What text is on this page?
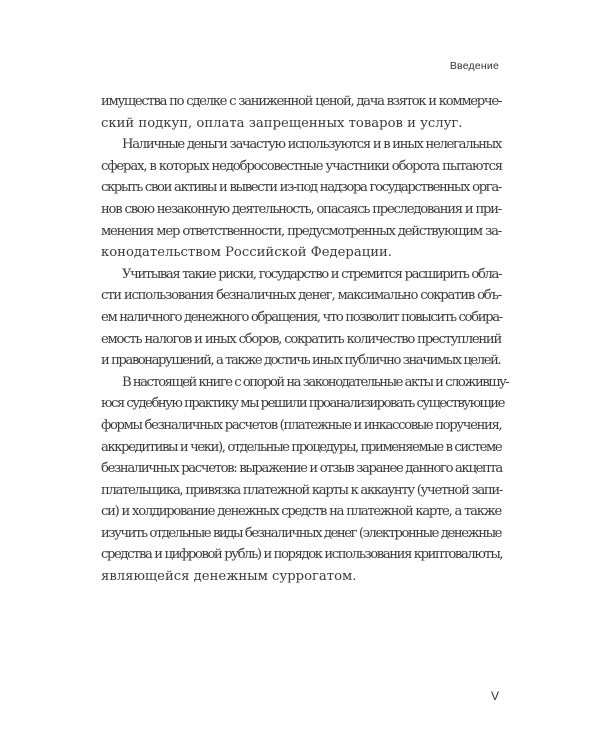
Введение
имущества по сделке с заниженной ценой, дача взяток и коммерче-
ский подкуп, оплата запрещенных товаров и услуг.
Наличные деньги зачастую используются и в иных нелегальных
сферах, в которых недобросовестные участники оборота пытаются
скрыть свои активы и вывести из-под надзора государственных орга-
нов свою незаконную деятельность, опасаясь преследования и при-
менения мер ответственности, предусмотренных действующим за-
конодательством Российской Федерации.
Учитывая такие риски, государство и стремится расширить обла-
сти использования безналичных денег, максимально сократив объ-
ем наличного денежного обращения, что позволит повысить собира-
емость налогов и иных сборов, сократить количество преступлений
и правонарушений, а также достичь иных публично значимых целей.
В настоящей книге с опорой на законодательные акты и сложившу-
юся судебную практику мы решили проанализировать существующие
формы безналичных расчетов (платежные и инкассовые поручения,
аккредитивы и чеки), отдельные процедуры, применяемые в системе
безналичных расчетов: выражение и отзыв заранее данного акцепта
плательщика, привязка платежной карты к аккаунту (учетной запи-
си) и холдирование денежных средств на платежной карте, а также
изучить отдельные виды безналичных денег (электронные денежные
средства и цифровой рубль) и порядок использования криптовалюты,
являющейся денежным суррогатом.
V
